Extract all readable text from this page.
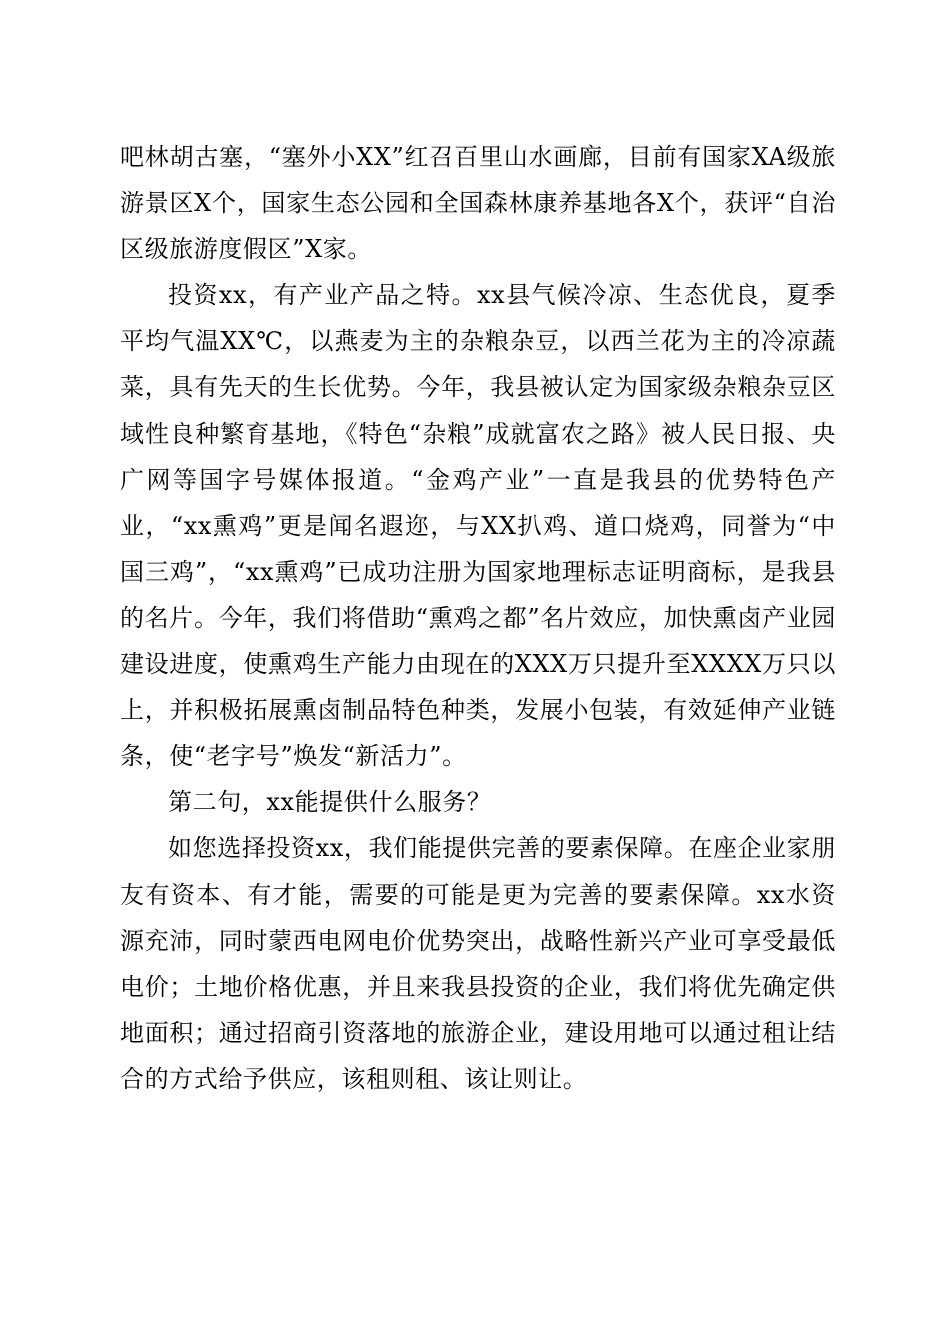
吧林胡古塞，“塞外小XX”红召百里山水画廊，目前有国家XA级旅游景区X个，国家生态公园和全国森林康养基地各X个，获评“自治区级旅游度假区”X家。

投资xx，有产业产品之特。xx县气候冷凉、生态优良，夏季平均气温XX℃，以燕麦为主的杂粮杂豆，以西兰花为主的冷凉蔬菜，具有先天的生长优势。今年，我县被认定为国家级杂粮杂豆区域性良种繁育基地，《特色“杂粮”成就富农之路》被人民日报、央广网等国字号媒体报道。“金鸡产业”一直是我县的优势特色产业，“xx熏鸡”更是闻名遐迩，与XX扒鸡、道口烧鸡，同誉为“中国三鸡”，“xx熏鸡”已成功注册为国家地理标志证明商标，是我县的名片。今年，我们将借助“熏鸡之都”名片效应，加快熏卤产业园建设进度，使熏鸡生产能力由现在的XXX万只提升至XXXX万只以上，并积极拓展熏卤制品特色种类，发展小包装，有效延伸产业链条，使“老字号”焕发“新活力”。

第二句，xx能提供什么服务？

如您选择投资xx，我们能提供完善的要素保障。在座企业家朋友有资本、有才能，需要的可能是更为完善的要素保障。xx水资源充沛，同时蒙西电网电价优势突出，战略性新兴产业可享受最低电价；土地价格优惠，并且来我县投资的企业，我们将优先确定供地面积；通过招商引资落地的旅游企业，建设用地可以通过租让结合的方式给予供应，该租则租、该让则让。
